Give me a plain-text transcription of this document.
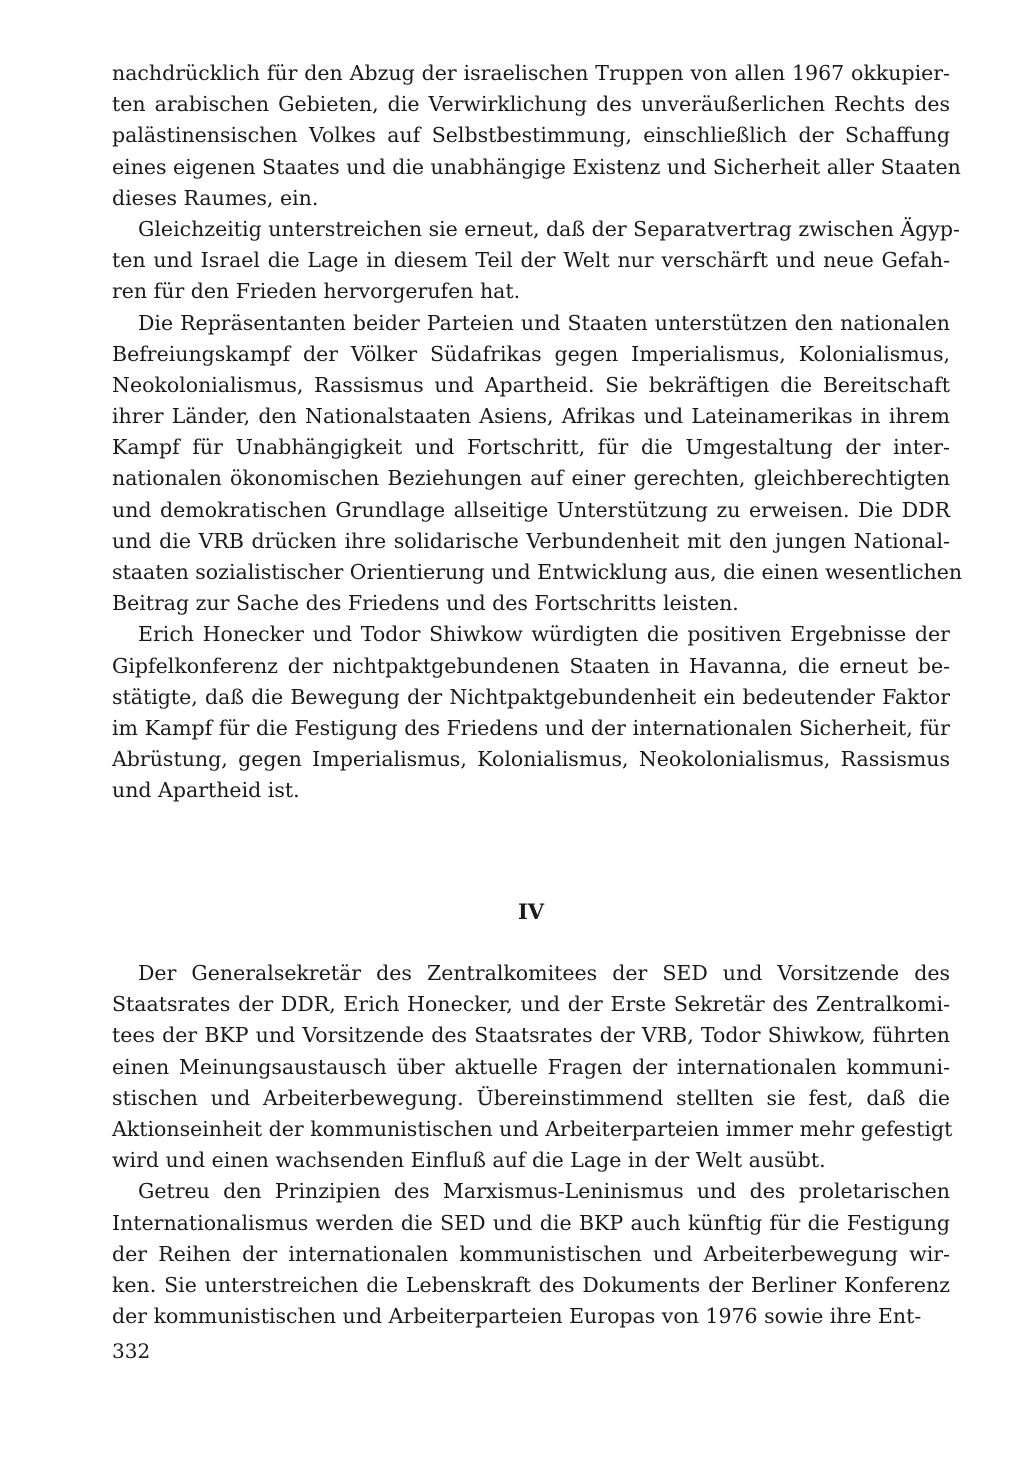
nachdrücklich für den Abzug der israelischen Truppen von allen 1967 okkupier-
ten arabischen Gebieten, die Verwirklichung des unveräußerlichen Rechts des
palästinensischen Volkes auf Selbstbestimmung, einschließlich der Schaffung
eines eigenen Staates und die unabhängige Existenz und Sicherheit aller Staaten
dieses Raumes, ein.
Gleichzeitig unterstreichen sie erneut, daß der Separatvertrag zwischen Ägyp-
ten und Israel die Lage in diesem Teil der Welt nur verschärft und neue Gefah-
ren für den Frieden hervorgerufen hat.
Die Repräsentanten beider Parteien und Staaten unterstützen den nationalen
Befreiungskampf der Völker Südafrikas gegen Imperialismus, Kolonialismus,
Neokolonialismus, Rassismus und Apartheid. Sie bekräftigen die Bereitschaft
ihrer Länder, den Nationalstaaten Asiens, Afrikas und Lateinamerikas in ihrem
Kampf für Unabhängigkeit und Fortschritt, für die Umgestaltung der inter-
nationalen ökonomischen Beziehungen auf einer gerechten, gleichberechtigten
und demokratischen Grundlage allseitige Unterstützung zu erweisen. Die DDR
und die VRB drücken ihre solidarische Verbundenheit mit den jungen National-
staaten sozialistischer Orientierung und Entwicklung aus, die einen wesentlichen
Beitrag zur Sache des Friedens und des Fortschritts leisten.
Erich Honecker und Todor Shiwkow würdigten die positiven Ergebnisse der
Gipfelkonferenz der nichtpaktgebundenen Staaten in Havanna, die erneut be-
stätigte, daß die Bewegung der Nichtpaktgebundenheit ein bedeutender Faktor
im Kampf für die Festigung des Friedens und der internationalen Sicherheit, für
Abrüstung, gegen Imperialismus, Kolonialismus, Neokolonialismus, Rassismus
und Apartheid ist.
IV
Der Generalsekretär des Zentralkomitees der SED und Vorsitzende des
Staatsrates der DDR, Erich Honecker, und der Erste Sekretär des Zentralkomi-
tees der BKP und Vorsitzende des Staatsrates der VRB, Todor Shiwkow, führten
einen Meinungsaustausch über aktuelle Fragen der internationalen kommuni-
stischen und Arbeiterbewegung. Übereinstimmend stellten sie fest, daß die
Aktionseinheit der kommunistischen und Arbeiterparteien immer mehr gefestigt
wird und einen wachsenden Einfluß auf die Lage in der Welt ausübt.
Getreu den Prinzipien des Marxismus-Leninismus und des proletarischen
Internationalismus werden die SED und die BKP auch künftig für die Festigung
der Reihen der internationalen kommunistischen und Arbeiterbewegung wir-
ken. Sie unterstreichen die Lebenskraft des Dokuments der Berliner Konferenz
der kommunistischen und Arbeiterparteien Europas von 1976 sowie ihre Ent-
332
